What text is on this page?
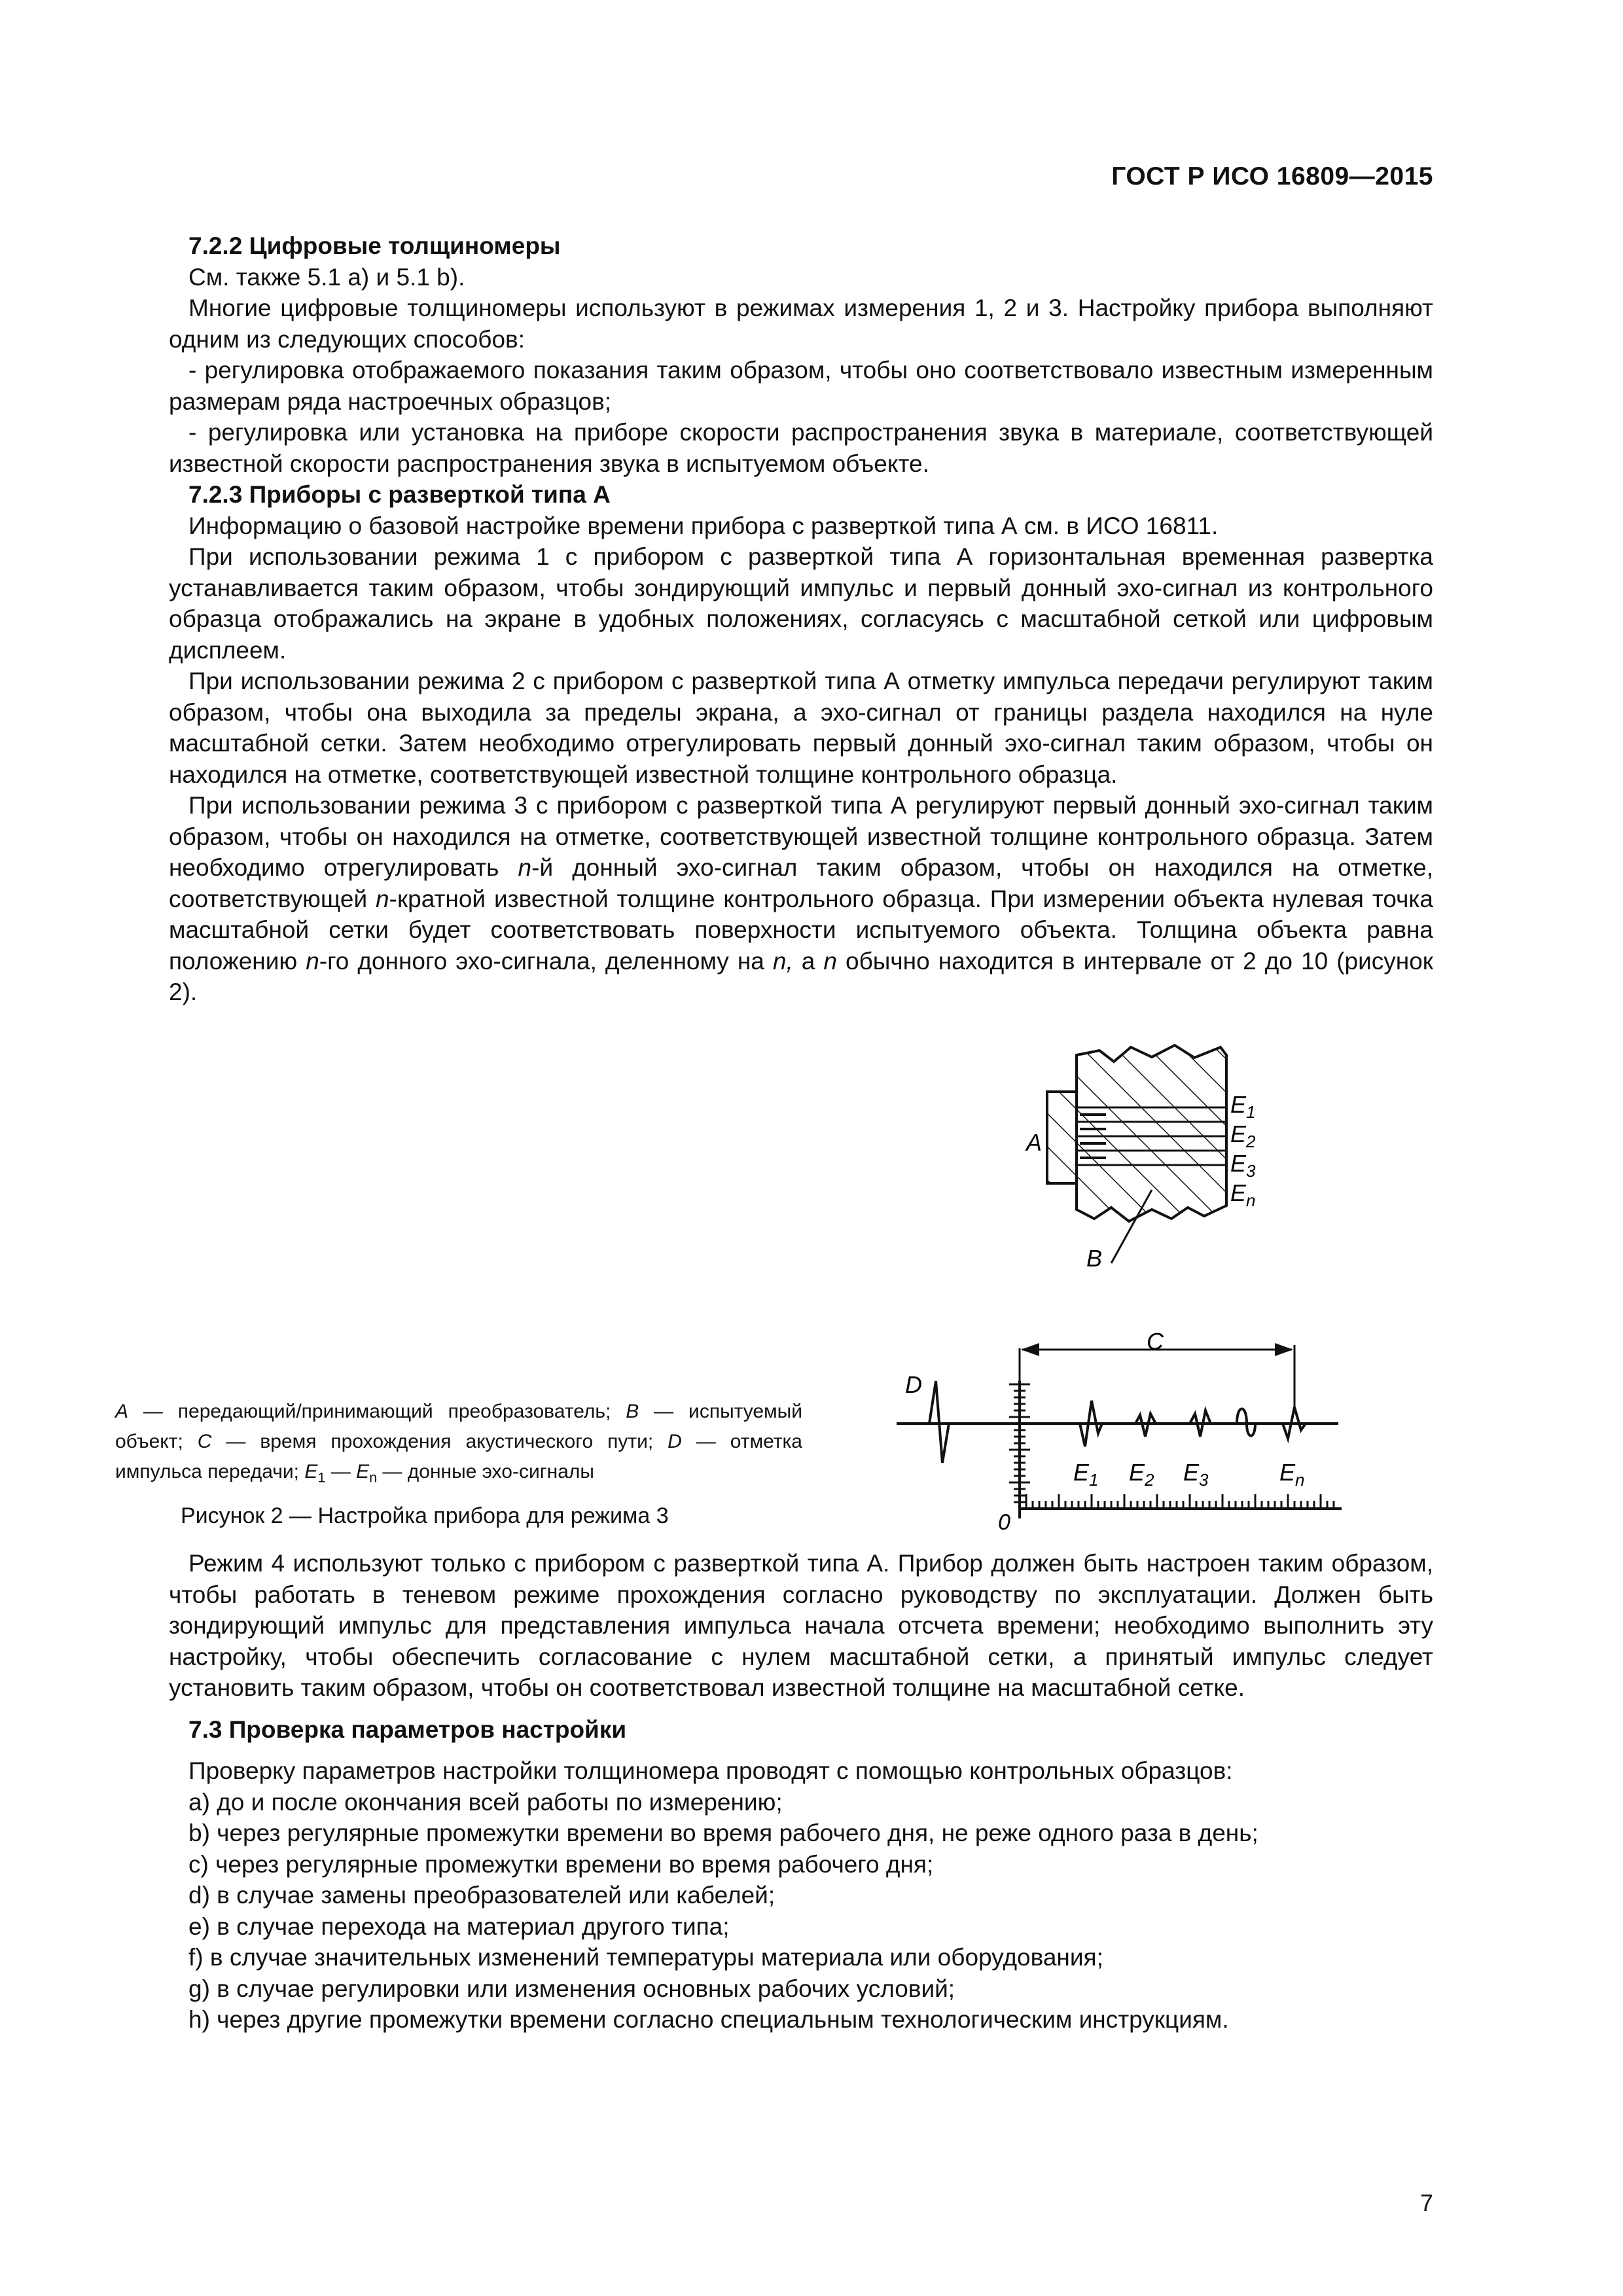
ГОСТ Р ИСО 16809—2015

7.2.2 Цифровые толщиномеры

См. также 5.1 a) и 5.1 b).

Многие цифровые толщиномеры используют в режимах измерения 1, 2 и 3. Настройку прибора выполняют одним из следующих способов:

- регулировка отображаемого показания таким образом, чтобы оно соответствовало известным измеренным размерам ряда настроечных образцов;

- регулировка или установка на приборе скорости распространения звука в материале, соответствующей известной скорости распространения звука в испытуемом объекте.

7.2.3 Приборы с разверткой типа А

Информацию о базовой настройке времени прибора с разверткой типа А см. в ИСО 16811.

При использовании режима 1 с прибором с разверткой типа А горизонтальная временная развертка устанавливается таким образом, чтобы зондирующий импульс и первый донный эхо-сигнал из контрольного образца отображались на экране в удобных положениях, согласуясь с масштабной сеткой или цифровым дисплеем.

При использовании режима 2 с прибором с разверткой типа А отметку импульса передачи регулируют таким образом, чтобы она выходила за пределы экрана, а эхо-сигнал от границы раздела находился на нуле масштабной сетки. Затем необходимо отрегулировать первый донный эхо-сигнал таким образом, чтобы он находился на отметке, соответствующей известной толщине контрольного образца.

При использовании режима 3 с прибором с разверткой типа А регулируют первый донный эхо-сигнал таким образом, чтобы он находился на отметке, соответствующей известной толщине контрольного образца. Затем необходимо отрегулировать n-й донный эхо-сигнал таким образом, чтобы он находился на отметке, соответствующей n-кратной известной толщине контрольного образца. При измерении объекта нулевая точка масштабной сетки будет соответствовать поверхности испытуемого объекта. Толщина объекта равна положению n-го донного эхо-сигнала, деленному на n, а n обычно находится в интервале от 2 до 10 (рисунок 2).

A
$E_1$
$E_2$
$E_3$
$E_n$
B
D
C
$E_1$ $E_2$ $E_3$	$E_n$
0
A — передающий/принимающий преобразователь; B — испытуемый объект; C — время прохождения акустического пути; D — отметка импульса передачи; $E_1$ — $E_n$ — донные эхо-сигналы
Рисунок 2 — Настройка прибора для режима 3

Режим 4 используют только с прибором с разверткой типа А. Прибор должен быть настроен таким образом, чтобы работать в теневом режиме прохождения согласно руководству по эксплуатации. Должен быть зондирующий импульс для представления импульса начала отсчета времени; необходимо выполнить эту настройку, чтобы обеспечить согласование с нулем масштабной сетки, а принятый импульс следует установить таким образом, чтобы он соответствовал известной толщине на масштабной сетке.

7.3 Проверка параметров настройки

Проверку параметров настройки толщиномера проводят с помощью контрольных образцов:

a) до и после окончания всей работы по измерению;

b) через регулярные промежутки времени во время рабочего дня, не реже одного раза в день;

c) через регулярные промежутки времени во время рабочего дня;

d) в случае замены преобразователей или кабелей;

e) в случае перехода на материал другого типа;

f) в случае значительных изменений температуры материала или оборудования;

g) в случае регулировки или изменения основных рабочих условий;

h) через другие промежутки времени согласно специальным технологическим инструкциям.

7
